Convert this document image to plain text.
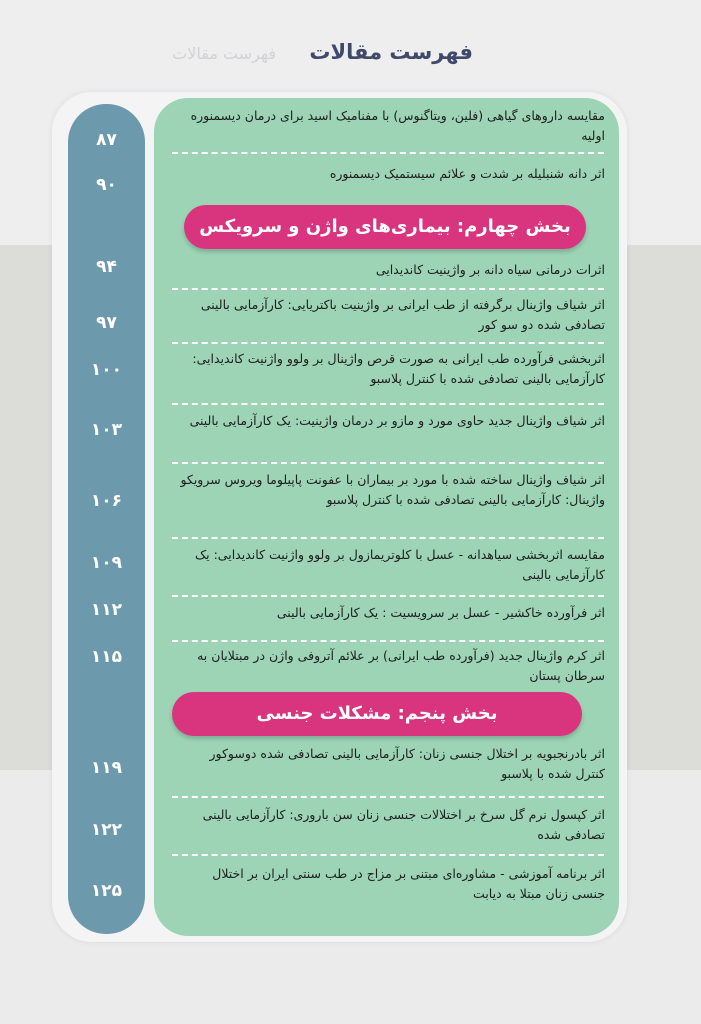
فهرست مقالات فهرست مقالات
۸۷
۹۰
۹۴
۹۷
۱۰۰
۱۰۳
۱۰۶
۱۰۹
۱۱۲
۱۱۵
۱۱۹
۱۲۲
۱۲۵
مقایسه داروهای گیاهی (فلین، ویتاگنوس) با مفنامیک اسید برای درمان دیسمنوره اولیه
اثر دانه شنبلیله بر شدت و علائم سیستمیک دیسمنوره
بخش چهارم: بیماری‌های واژن و سرویکس
اثرات درمانی سیاه دانه بر واژینیت کاندیدایی
اثر شیاف واژینال برگرفته از طب ایرانی بر واژینیت باکتریایی: کارآزمایی بالینی تصادفی شده دو سو کور
اثربخشی فرآورده طب ایرانی به صورت قرص واژینال بر ولوو واژنیت کاندیدایی: کارآزمایی بالینی تصادفی شده با کنترل پلاسبو
اثر شیاف واژینال جدید حاوی مورد و مازو بر درمان واژینیت: یک کارآزمایی بالینی
اثر شیاف واژینال ساخته شده با مورد بر بیماران با عفونت پاپیلوما ویروس سرویکو واژینال: کارآزمایی بالینی تصادفی شده با کنترل پلاسبو
مقایسه اثربخشی سیاهدانه - عسل با کلوتریمازول بر ولوو واژنیت کاندیدایی: یک کارآزمایی بالینی
اثر فرآورده خاکشیر - عسل بر سرویسیت : یک کارآزمایی بالینی
اثر کرم واژینال جدید (فرآورده طب ایرانی) بر علائم آتروفی واژن در مبتلایان به سرطان پستان
بخش پنجم: مشکلات جنسی
اثر بادرنجبویه بر اختلال جنسی زنان: کارآزمایی بالینی تصادفی شده دوسوکور کنترل شده با پلاسبو
اثر کپسول نرم گل سرخ بر اختلالات جنسی زنان سن باروری: کارآزمایی بالینی تصادفی شده
اثر برنامه آموزشی - مشاوره‌ای مبتنی بر مزاج در طب سنتی ایران بر اختلال جنسی زنان مبتلا به دیابت
